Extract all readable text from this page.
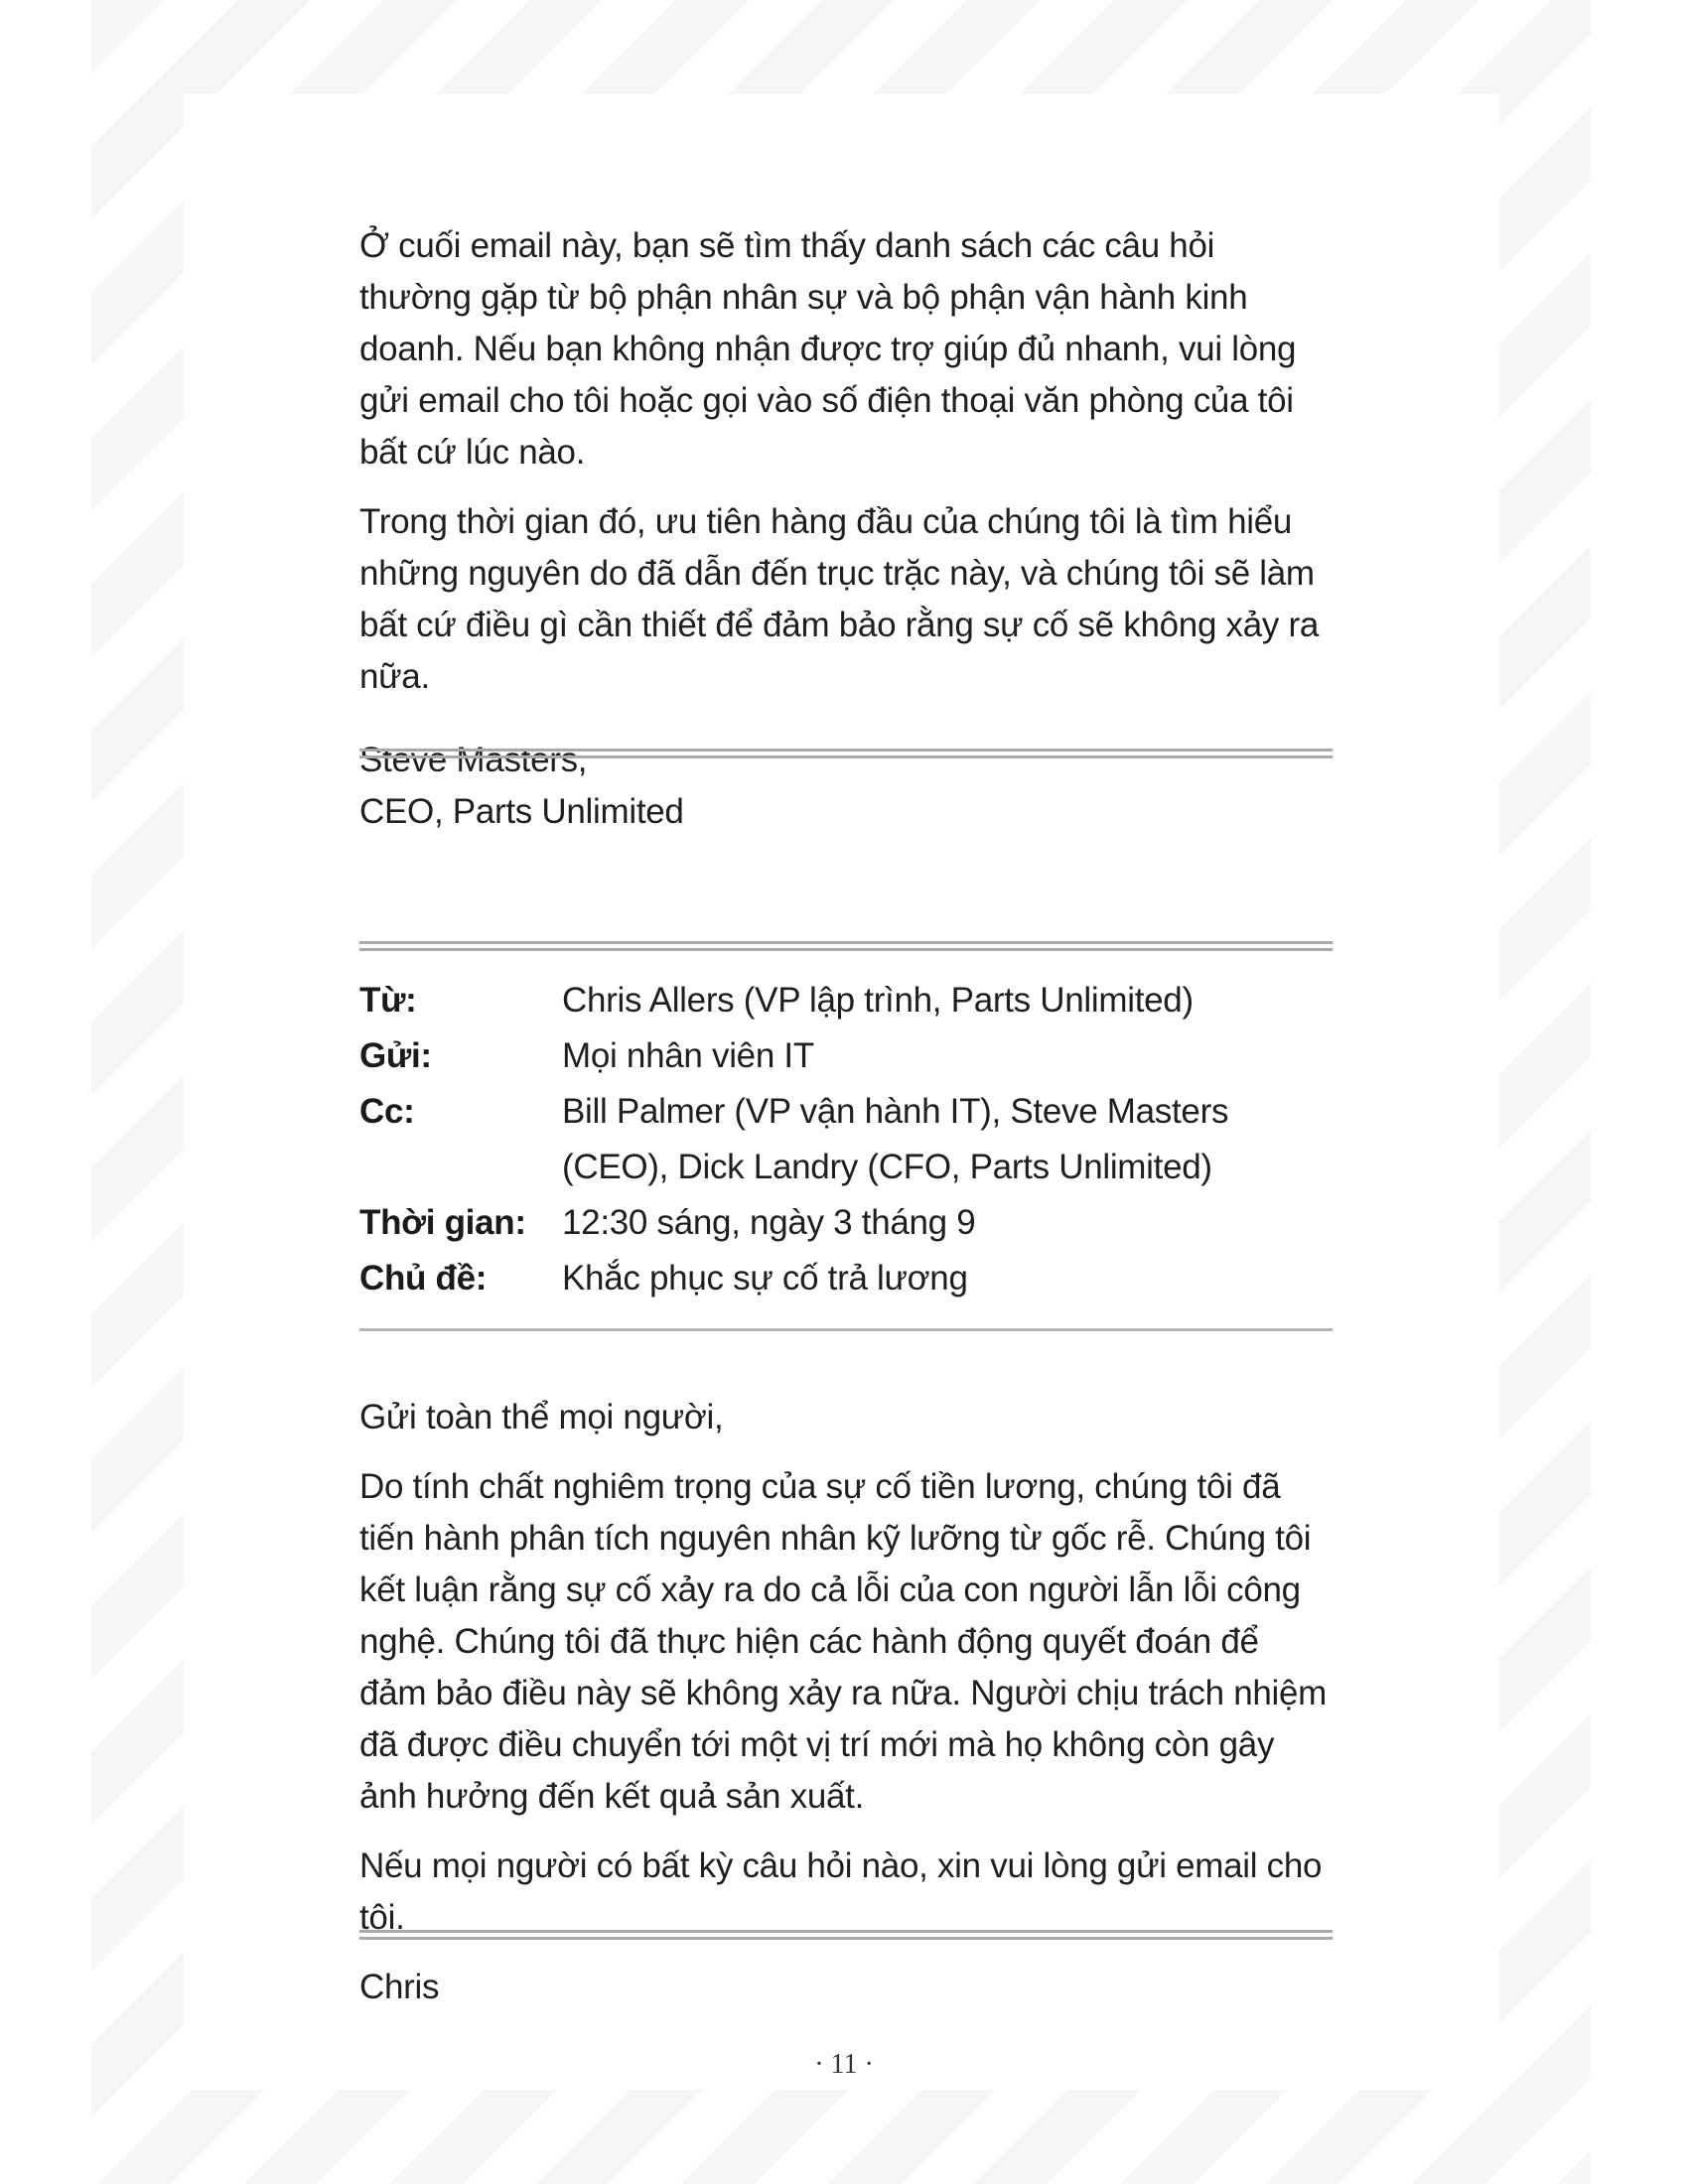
Ở cuối email này, bạn sẽ tìm thấy danh sách các câu hỏi thường gặp từ bộ phận nhân sự và bộ phận vận hành kinh doanh. Nếu bạn không nhận được trợ giúp đủ nhanh, vui lòng gửi email cho tôi hoặc gọi vào số điện thoại văn phòng của tôi bất cứ lúc nào.

Trong thời gian đó, ưu tiên hàng đầu của chúng tôi là tìm hiểu những nguyên do đã dẫn đến trục trặc này, và chúng tôi sẽ làm bất cứ điều gì cần thiết để đảm bảo rằng sự cố sẽ không xảy ra nữa.

Steve Masters,
CEO, Parts Unlimited
Từ:	Chris Allers (VP lập trình, Parts Unlimited)
Gửi:	Mọi nhân viên IT
Cc:	Bill Palmer (VP vận hành IT), Steve Masters (CEO), Dick Landry (CFO, Parts Unlimited)
Thời gian:	12:30 sáng, ngày 3 tháng 9
Chủ đề:	Khắc phục sự cố trả lương

Gửi toàn thể mọi người,

Do tính chất nghiêm trọng của sự cố tiền lương, chúng tôi đã tiến hành phân tích nguyên nhân kỹ lưỡng từ gốc rễ. Chúng tôi kết luận rằng sự cố xảy ra do cả lỗi của con người lẫn lỗi công nghệ. Chúng tôi đã thực hiện các hành động quyết đoán để đảm bảo điều này sẽ không xảy ra nữa. Người chịu trách nhiệm đã được điều chuyển tới một vị trí mới mà họ không còn gây ảnh hưởng đến kết quả sản xuất.

Nếu mọi người có bất kỳ câu hỏi nào, xin vui lòng gửi email cho tôi.

Chris

· 11 ·
